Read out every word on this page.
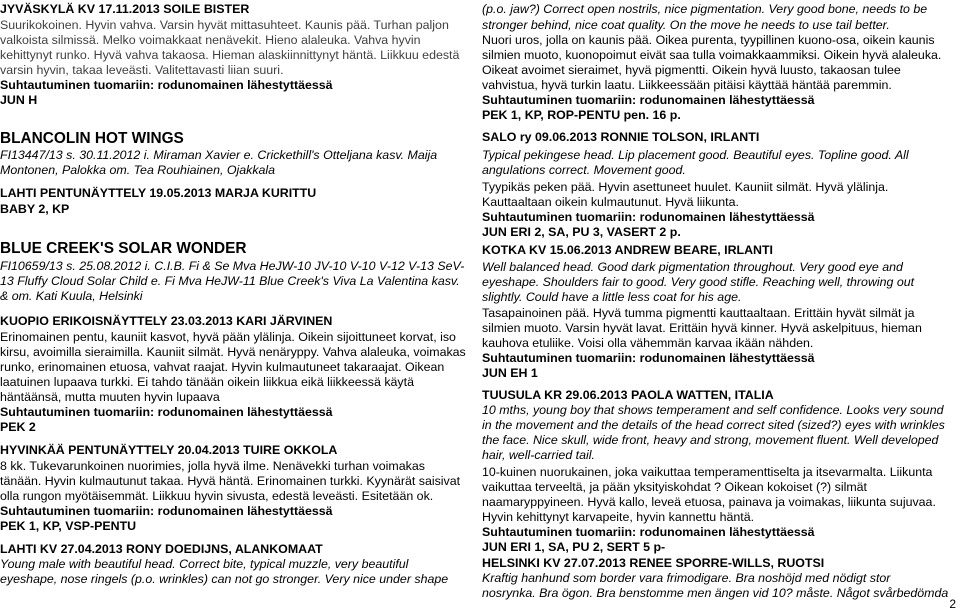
JYVÄSKYLÄ KV 17.11.2013 SOILE BISTER
Suurikokoinen. Hyvin vahva. Varsin hyvät mittasuhteet. Kaunis pää. Turhan paljon
valkoista silmissä. Melko voimakkaat nenävekit. Hieno alaleuka. Vahva hyvin
kehittynyt runko. Hyvä vahva takaosa. Hieman alaskiinnittynyt häntä. Liikkuu edestä
varsin hyvin, takaa leveästi. Valitettavasti liian suuri.
Suhtautuminen tuomariin: rodunomainen lähestyttäessä
JUN H
BLANCOLIN HOT WINGS
FI13447/13 s. 30.11.2012 i. Miraman Xavier e. Crickethill's Otteljana kasv. Maija
Montonen, Palokka om. Tea Rouhiainen, Ojakkala
LAHTI PENTUNÄYTTELY 19.05.2013 MARJA KURITTU
BABY 2, KP
BLUE CREEK'S SOLAR WONDER
FI10659/13 s. 25.08.2012 i. C.I.B. Fi & Se Mva HeJW-10 JV-10 V-10 V-12 V-13 SeV-
13 Fluffy Cloud Solar Child e. Fi Mva HeJW-11 Blue Creek's Viva La Valentina kasv.
& om. Kati Kuula, Helsinki
KUOPIO ERIKOISNÄYTTELY 23.03.2013 KARI JÄRVINEN
Erinomainen pentu, kauniit kasvot, hyvä pään ylälinja. Oikein sijoittuneet korvat, iso
kirsu, avoimilla sieraimilla. Kauniit silmät. Hyvä nenäryppy. Vahva alaleuka, voimakas
runko, erinomainen etuosa, vahvat raajat. Hyvin kulmautuneet takaraajat. Oikean
laatuinen lupaava turkki. Ei tahdo tänään oikein liikkua eikä liikkeessä käytä
häntäänsä, mutta muuten hyvin lupaava
Suhtautuminen tuomariin: rodunomainen lähestyttäessä
PEK 2
HYVINKÄÄ PENTUNÄYTTELY 20.04.2013 TUIRE OKKOLA
8 kk. Tukevarunkoinen nuorimies, jolla hyvä ilme. Nenävekki turhan voimakas
tänään. Hyvin kulmautunut takaa. Hyvä häntä. Erinomainen turkki. Kyynärät saisivat
olla rungon myötäisemmät. Liikkuu hyvin sivusta, edestä leveästi. Esitetään ok.
Suhtautuminen tuomariin: rodunomainen lähestyttäessä
PEK 1, KP, VSP-PENTU
LAHTI KV 27.04.2013 RONY DOEDIJNS, ALANKOMAAT
Young male with beautiful head. Correct bite, typical muzzle, very beautiful
eyeshape, nose ringels (p.o. wrinkles) can not go stronger. Very nice under shape
(p.o. jaw?) Correct open nostrils, nice pigmentation. Very good bone, needs to be
stronger behind, nice coat quality. On the move he needs to use tail better.
Nuori uros, jolla on kaunis pää. Oikea purenta, tyypillinen kuono-osa, oikein kaunis
silmien muoto, kuonopoimut eivät saa tulla voimakkaammiksi. Oikein hyvä alaleuka.
Oikeat avoimet sieraimet, hyvä pigmentti. Oikein hyvä luusto, takaosan tulee
vahvistua, hyvä turkin laatu. Liikkeessään pitäisi käyttää häntää paremmin.
Suhtautuminen tuomariin: rodunomainen lähestyttäessä
PEK 1, KP, ROP-PENTU pen. 16 p.
SALO ry 09.06.2013 RONNIE TOLSON, IRLANTI
Typical pekingese head. Lip placement good. Beautiful eyes. Topline good. All
angulations correct. Movement good.
Tyypikäs peken pää. Hyvin asettuneet huulet. Kauniit silmät. Hyvä ylälinja.
Kauttaaltaan oikein kulmautunut. Hyvä liikunta.
Suhtautuminen tuomariin: rodunomainen lähestyttäessä
JUN ERI 2, SA, PU 3, VASERT 2 p.
KOTKA KV 15.06.2013 ANDREW BEARE, IRLANTI
Well balanced head. Good dark pigmentation throughout. Very good eye and
eyeshape. Shoulders fair to good. Very good stifle. Reaching well, throwing out
slightly. Could have a little less coat for his age.
Tasapainoinen pää. Hyvä tumma pigmentti kauttaaltaan. Erittäin hyvät silmät ja
silmien muoto. Varsin hyvät lavat. Erittäin hyvä kinner. Hyvä askelpituus, hieman
kauhova etuliike. Voisi olla vähemmän karvaa ikään nähden.
Suhtautuminen tuomariin: rodunomainen lähestyttäessä
JUN EH 1
TUUSULA KR 29.06.2013 PAOLA WATTEN, ITALIA
10 mths, young boy that shows temperament and self confidence. Looks very sound
in the movement and the details of the head correct sited (sized?) eyes with wrinkles
the face. Nice skull, wide front, heavy and strong, movement fluent. Well developed
hair, well-carried tail.
10-kuinen nuorukainen, joka vaikuttaa temperamenttiselta ja itsevarmalta. Liikunta
vaikuttaa terveeltä, ja pään yksityiskohdat ? Oikean kokoiset (?) silmät
naamaryppyineen. Hyvä kallo, leveä etuosa, painava ja voimakas, liikunta sujuvaa.
Hyvin kehittynyt karvapeite, hyvin kannettu häntä.
Suhtautuminen tuomariin: rodunomainen lähestyttäessä
JUN ERI 1, SA, PU 2, SERT 5 p-
HELSINKI KV 27.07.2013 RENEE SPORRE-WILLS, RUOTSI
Kraftig hanhund som border vara frimodigare. Bra noshöjd med nödigt stor
nosrynka. Bra ögon. Bra benstomme men ängen vid 10? måste. Något svårbedömda
2
